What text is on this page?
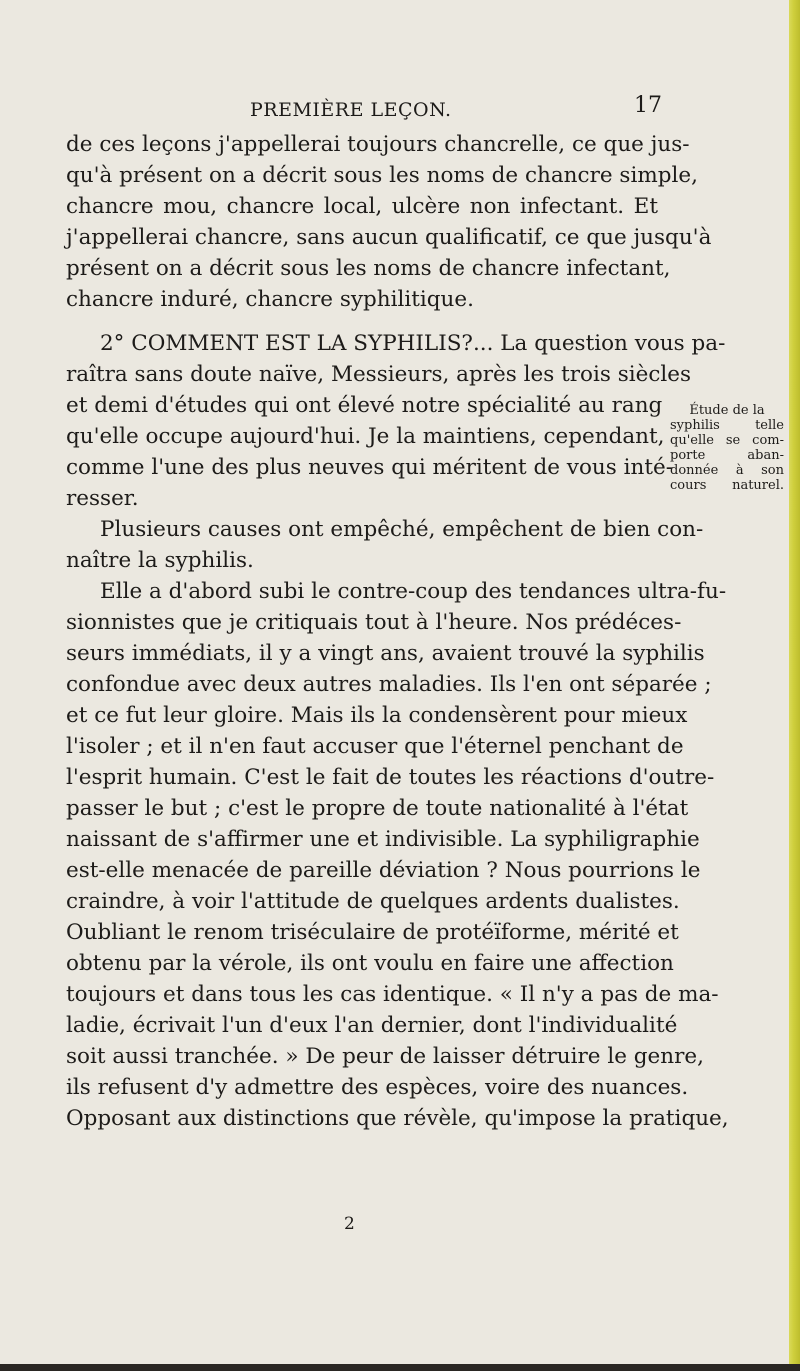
PREMIÈRE LEÇON.	17
de ces leçons j'appellerai toujours chancrelle, ce que jus-
qu'à présent on a décrit sous les noms de chancre simple,
chancre mou, chancre local, ulcère non infectant. Et
j'appellerai chancre, sans aucun qualificatif, ce que jusqu'à
présent on a décrit sous les noms de chancre infectant,
chancre induré, chancre syphilitique.
2° COMMENT EST LA SYPHILIS?... La question vous pa-
raîtra sans doute naïve, Messieurs, après les trois siècles
et demi d'études qui ont élevé notre spécialité au rang
qu'elle occupe aujourd'hui. Je la maintiens, cependant,
comme l'une des plus neuves qui méritent de vous inté-
resser.
Plusieurs causes ont empêché, empêchent de bien con-
naître la syphilis.
Elle a d'abord subi le contre-coup des tendances ultra-fu-
sionnistes que je critiquais tout à l'heure. Nos prédéces-
seurs immédiats, il y a vingt ans, avaient trouvé la syphilis
confondue avec deux autres maladies. Ils l'en ont séparée ;
et ce fut leur gloire. Mais ils la condensèrent pour mieux
l'isoler ; et il n'en faut accuser que l'éternel penchant de
l'esprit humain. C'est le fait de toutes les réactions d'outre-
passer le but ; c'est le propre de toute nationalité à l'état
naissant de s'affirmer une et indivisible. La syphiligraphie
est-elle menacée de pareille déviation ? Nous pourrions le
craindre, à voir l'attitude de quelques ardents dualistes.
Oubliant le renom triséculaire de protéïforme, mérité et
obtenu par la vérole, ils ont voulu en faire une affection
toujours et dans tous les cas identique. « Il n'y a pas de ma-
ladie, écrivait l'un d'eux l'an dernier, dont l'individualité
soit aussi tranchée. » De peur de laisser détruire le genre,
ils refusent d'y admettre des espèces, voire des nuances.
Opposant aux distinctions que révèle, qu'impose la pratique,
Étude de la
syphilis telle
qu'elle se com-
porte aban-
donnée à son
cours naturel.
2
